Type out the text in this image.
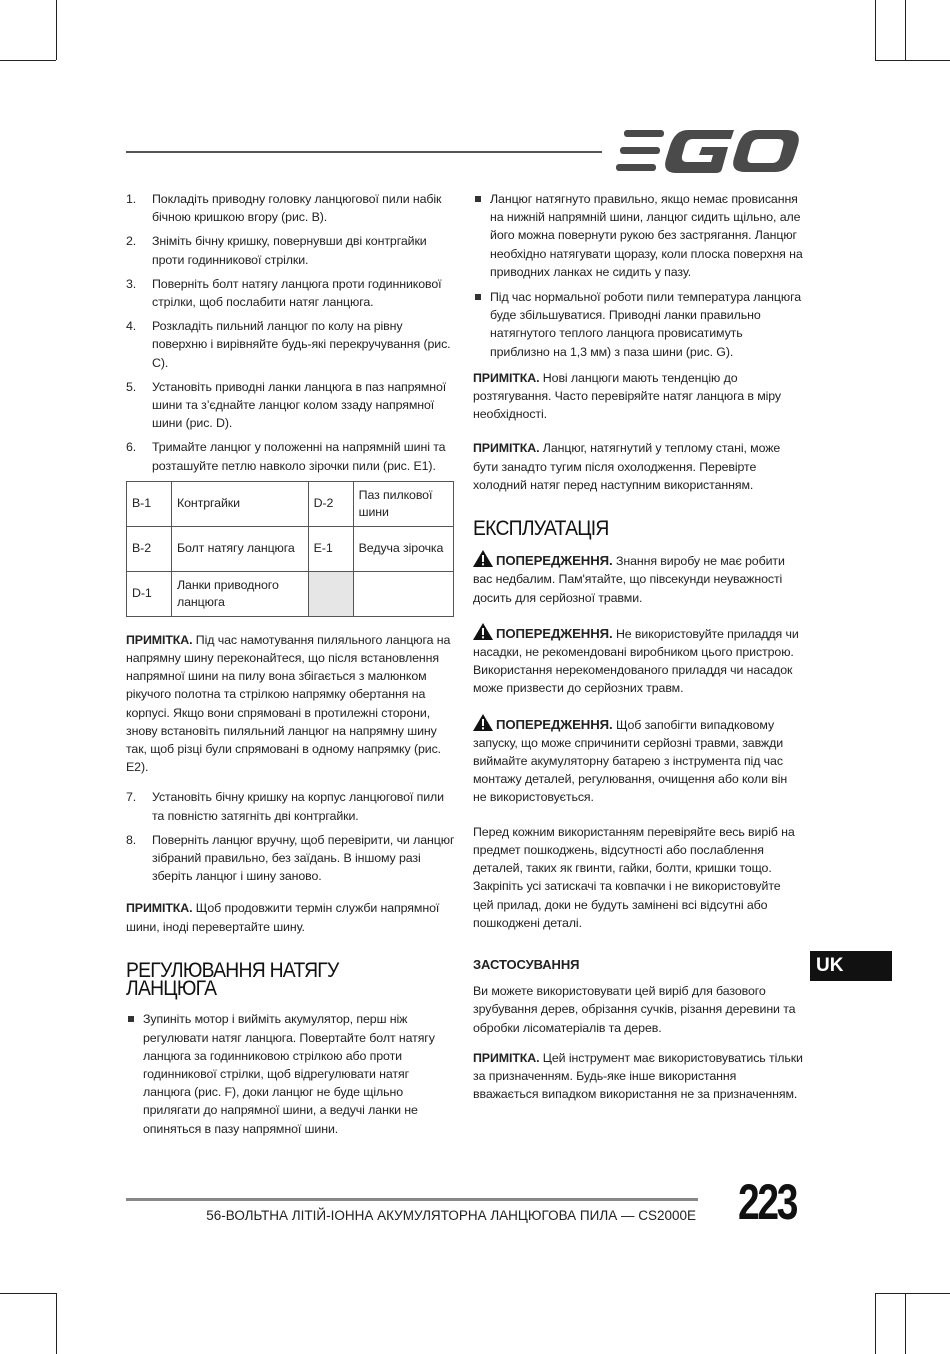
1. Покладіть приводну головку ланцюгової пили набік бічною кришкою вгору (рис. B).
2. Зніміть бічну кришку, повернувши дві контргайки проти годинникової стрілки.
3. Поверніть болт натягу ланцюга проти годинникової стрілки, щоб послабити натяг ланцюга.
4. Розкладіть пильний ланцюг по колу на рівну поверхню і вирівняйте будь-які перекручування (рис. C).
5. Установіть приводні ланки ланцюга в паз напрямної шини та з’єднайте ланцюг колом ззаду напрямної шини (рис. D).
6. Тримайте ланцюг у положенні на напрямній шині та розташуйте петлю навколо зірочки пили (рис. E1).
B-1	Контргайки	D-2	Паз пилкової шини
B-2	Болт натягу ланцюга	E-1	Ведуча зірочка
D-1	Ланки приводного ланцюга		

ПРИМІТКА. Під час намотування пиляльного ланцюга на напрямну шину переконайтеся, що після встановлення напрямної шини на пилу вона збігається з малюнком рікучого полотна та стрілкою напрямку обертання на корпусі. Якщо вони спрямовані в протилежні сторони, знову встановіть пиляльний ланцюг на напрямну шину так, щоб різці були спрямовані в одному напрямку (рис. E2).

7. Установіть бічну кришку на корпус ланцюгової пили та повністю затягніть дві контргайки.
8. Поверніть ланцюг вручну, щоб перевірити, чи ланцюг зібраний правильно, без заїдань. В іншому разі зберіть ланцюг і шину заново.

ПРИМІТКА. Щоб продовжити термін служби напрямної шини, іноді перевертайте шину.

РЕГУЛЮВАННЯ НАТЯГУ ЛАНЦЮГА
Зупиніть мотор і вийміть акумулятор, перш ніж регулювати натяг ланцюга. Повертайте болт натягу ланцюга за годинниковою стрілкою або проти годинникової стрілки, щоб відрегулювати натяг ланцюга (рис. F), доки ланцюг не буде щільно прилягати до напрямної шини, а ведучі ланки не опиняться в пазу напрямної шини.
Ланцюг натягнуто правильно, якщо немає провисання на нижній напрямній шини, ланцюг сидить щільно, але його можна повернути рукою без застрягання. Ланцюг необхідно натягувати щоразу, коли плоска поверхня на приводних ланках не сидить у пазу.
Під час нормальної роботи пили температура ланцюга буде збільшуватися. Приводні ланки правильно натягнутого теплого ланцюга провисатимуть приблизно на 1,3 мм) з паза шини (рис. G).

ПРИМІТКА. Нові ланцюги мають тенденцію до розтягування. Часто перевіряйте натяг ланцюга в міру необхідності.

ПРИМІТКА. Ланцюг, натягнутий у теплому стані, може бути занадто тугим після охолодження. Перевірте холодний натяг перед наступним використанням.

ЕКСПЛУАТАЦІЯ

ПОПЕРЕДЖЕННЯ. Знання виробу не має робити вас недбалим. Пам'ятайте, що півсекунди неуважності досить для серйозної травми.

ПОПЕРЕДЖЕННЯ. Не використовуйте приладдя чи насадки, не рекомендовані виробником цього пристрою. Використання нерекомендованого приладдя чи насадок може призвести до серйозних травм.

ПОПЕРЕДЖЕННЯ. Щоб запобігти випадковому запуску, що може спричинити серйозні травми, завжди виймайте акумуляторну батарею з інструмента під час монтажу деталей, регулювання, очищення або коли він не використовується.

Перед кожним використанням перевіряйте весь виріб на предмет пошкоджень, відсутності або послаблення деталей, таких як гвинти, гайки, болти, кришки тощо. Закріпіть усі затискачі та ковпачки і не використовуйте цей прилад, доки не будуть замінені всі відсутні або пошкоджені деталі.

ЗАСТОСУВАННЯ

Ви можете використовувати цей виріб для базового зрубування дерев, обрізання сучків, різання деревини та обробки лісоматеріалів та дерев.

ПРИМІТКА. Цей інструмент має використовуватись тільки за призначенням. Будь-яке інше використання вважається випадком використання не за призначенням.

UK
56-ВОЛЬТНА ЛІТІЙ-ІОННА АКУМУЛЯТОРНА ЛАНЦЮГОВА ПИЛА — CS2000E 223
